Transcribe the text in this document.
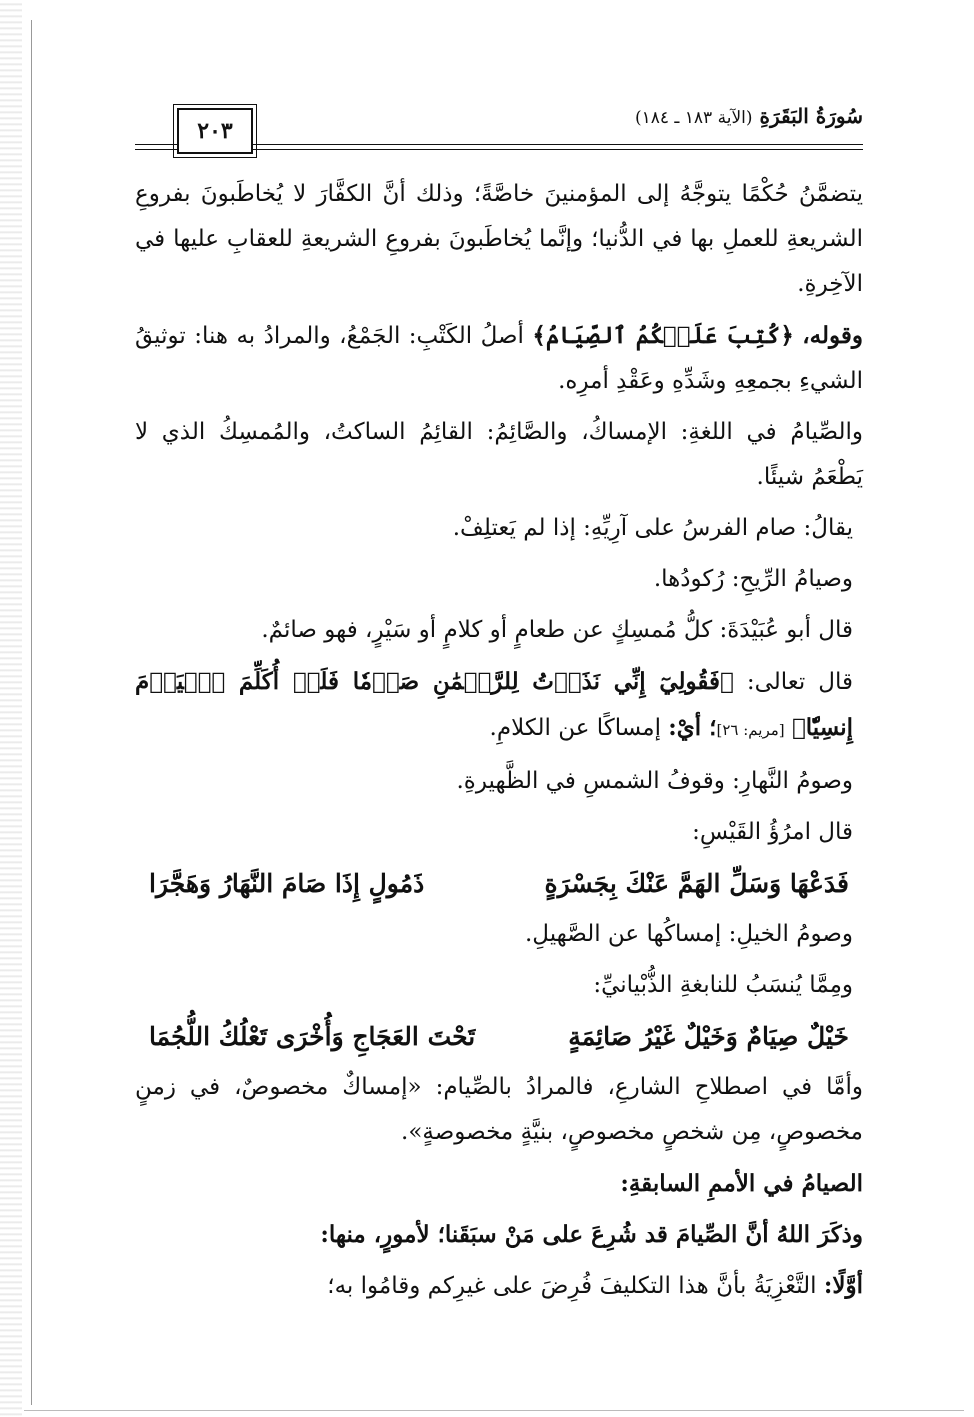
سُورَةُ البَقَرَةِ (الآية ١٨٣ ـ ١٨٤)
٢٠٣

يتضمَّنُ حُكْمًا يتوجَّهُ إلى المؤمنينَ خاصَّةً؛ وذلك أنَّ الكفَّارَ لا يُخاطَبونَ بفروعِ الشريعةِ للعملِ بها في الدُّنيا؛ وإنَّما يُخاطَبونَ بفروعِ الشريعةِ للعقابِ عليها في الآخِرةِ.

وقوله، ﴿كُتِبَ عَلَيۡكُمُ ٱلصِّيَامُ﴾ أصلُ الكَتْبِ: الجَمْعُ، والمرادُ به هنا: توثيقُ الشيءِ بجمعِهِ وشَدِّهِ وعَقْدِ أمرِه.

والصِّيامُ في اللغةِ: الإمساكُ، والصَّائِمُ: القائِمُ الساكتُ، والمُمسِكُ الذي لا يَطْعَمُ شيئًا.

يقالُ: صام الفرسُ على آرِيِّهِ: إذا لم يَعتلِفْ.

وصيامُ الرِّيحِ: رُكودُها.

قال أبو عُبَيْدَةَ: كلُّ مُمسِكٍ عن طعامٍ أو كلامٍ أو سَيْرٍ، فهو صائمٌ.

قال تعالى: ﴿فَقُولِيٓ إِنِّي نَذَرۡتُ لِلرَّحۡمَٰنِ صَوۡمٗا فَلَنۡ أُكَلِّمَ ٱلۡيَوۡمَ إِنسِيّٗا﴾ [مريم: ٢٦]؛ أيْ: إمساكًا عن الكلامِ.

وصومُ النَّهارِ: وقوفُ الشمسِ في الظَّهيرةِ.

قال امرُؤُ القَيْسِ:

فَدَعْهَا وَسَلِّ الهَمَّ عَنْكَ بِجَسْرَةٍ
ذَمُولٍ إِذَا صَامَ النَّهَارُ وَهَجَّرَا

وصومُ الخيلِ: إمساكُها عن الصَّهيلِ.

ومِمَّا يُنسَبُ للنابغةِ الذُّبْيانيِّ:

خَيْلٌ صِيَامٌ وَخَيْلٌ غَيْرُ صَائِمَةٍ
تَحْتَ العَجَاجِ وَأُخْرَى تَعْلُكُ اللُّجُمَا

وأمَّا في اصطلاحِ الشارعِ، فالمرادُ بالصِّيام: «إمساكٌ مخصوصٌ، في زمنٍ مخصوصٍ، مِن شخصٍ مخصوصٍ، بنيَّةٍ مخصوصةٍ».

الصيامُ في الأممِ السابقةِ:

وذكَرَ اللهُ أنَّ الصِّيامَ قد شُرِعَ على مَنْ سبَقَنا؛ لأمورٍ، منها:

أوَّلًا: التَّعْزِيَةُ بأنَّ هذا التكليفَ فُرِضَ على غيرِكم وقامُوا به؛
